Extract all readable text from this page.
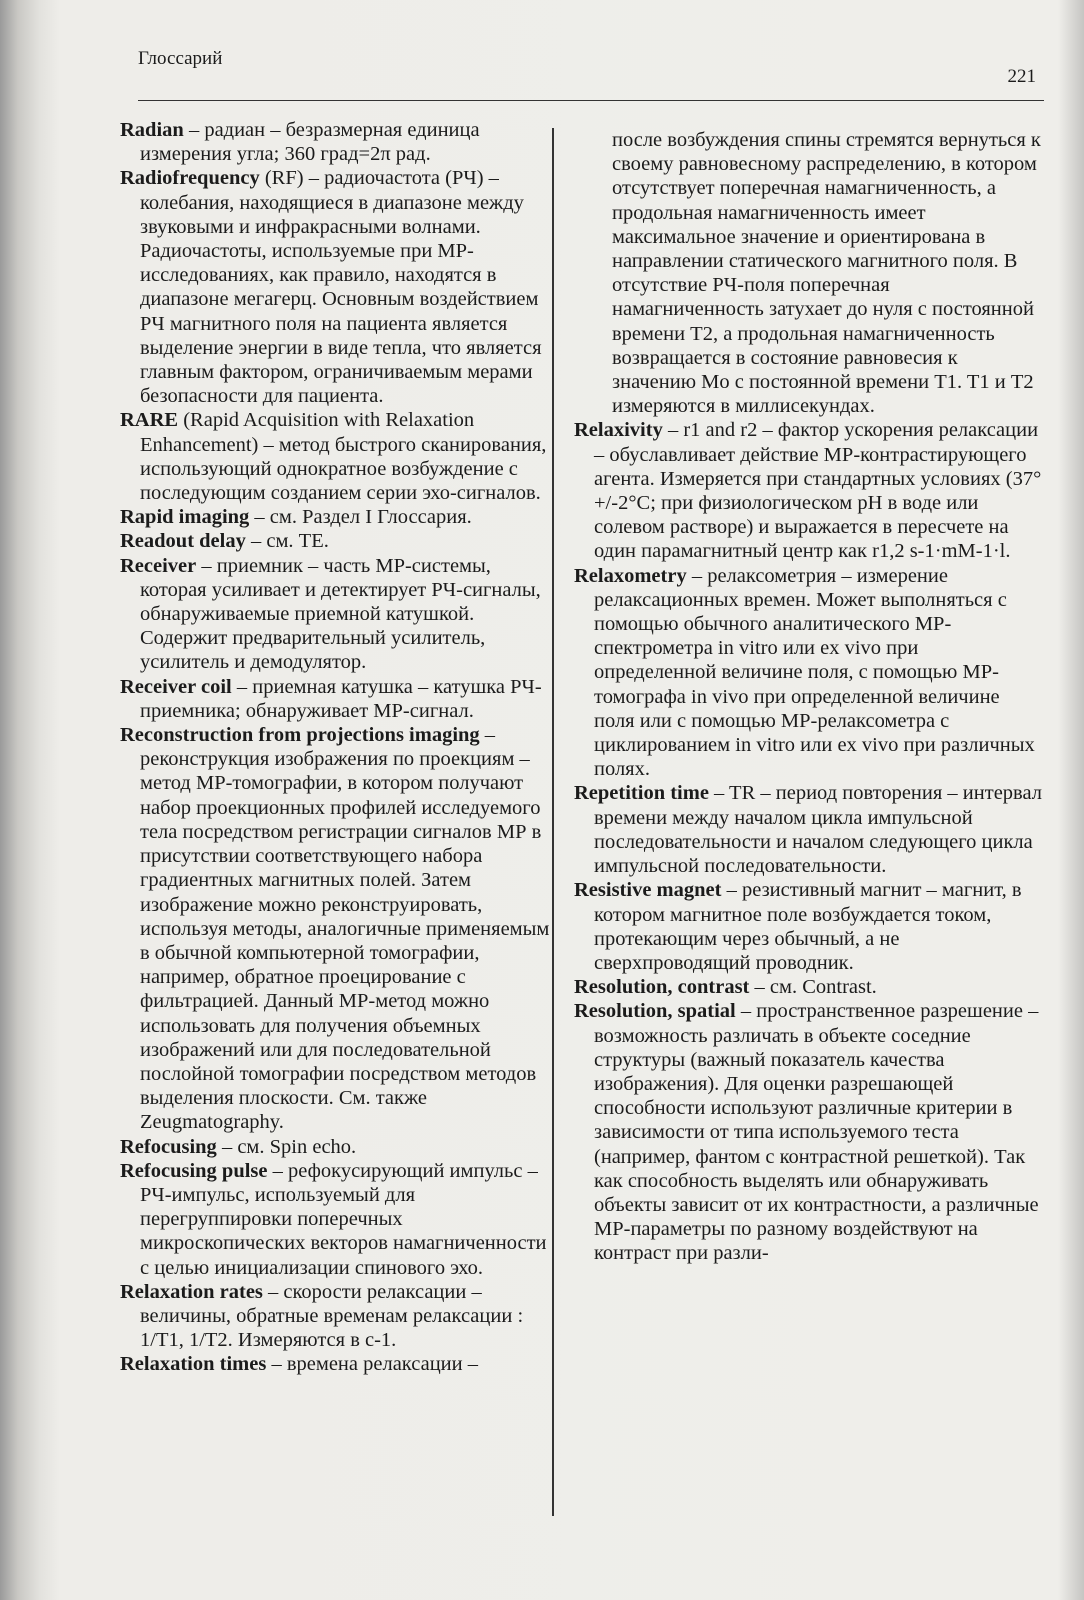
Глоссарий
221

Radian – радиан – безразмерная единица измерения угла; 360 град=2π рад.

Radiofrequency (RF) – радиочастота (РЧ) – колебания, находящиеся в диапазоне между звуковыми и инфракрасными волнами. Радиочастоты, используемые при МР-исследованиях, как правило, находятся в диапазоне мегагерц. Основным воздействием РЧ магнитного поля на пациента является выделение энергии в виде тепла, что является главным фактором, ограничиваемым мерами безопасности для пациента.

RARE (Rapid Acquisition with Relaxation Enhancement) – метод быстрого сканирования, использующий однократное возбуждение с последующим созданием серии эхо-сигналов.

Rapid imaging – см. Раздел I Глоссария.

Readout delay – см. TE.

Receiver – приемник – часть МР-системы, которая усиливает и детектирует РЧ-сигналы, обнаруживаемые приемной катушкой. Содержит предварительный усилитель, усилитель и демодулятор.

Receiver coil – приемная катушка – катушка РЧ-приемника; обнаруживает МР-сигнал.

Reconstruction from projections imaging – реконструкция изображения по проекциям – метод МР-томографии, в котором получают набор проекционных профилей исследуемого тела посредством регистрации сигналов МР в присутствии соответствующего набора градиентных магнитных полей. Затем изображение можно реконструировать, используя методы, аналогичные применяемым в обычной компьютерной томографии, например, обратное проецирование с фильтрацией. Данный МР-метод можно использовать для получения объемных изображений или для последовательной послойной томографии посредством методов выделения плоскости. См. также Zeugmatography.

Refocusing – см. Spin echo.

Refocusing pulse – рефокусирующий импульс – РЧ-импульс, используемый для перегруппировки поперечных микроскопических векторов намагниченности с целью инициализации спинового эхо.

Relaxation rates – скорости релаксации – величины, обратные временам релаксации : 1/T1, 1/T2. Измеряются в c-1.

Relaxation times – времена релаксации –

после возбуждения спины стремятся вернуться к своему равновесному распределению, в котором отсутствует поперечная намагниченность, а продольная намагниченность имеет максимальное значение и ориентирована в направлении статического магнитного поля. В отсутствие РЧ-поля поперечная намагниченность затухает до нуля с постоянной времени T2, а продольная намагниченность возвращается в состояние равновесия к значению Mo с постоянной времени T1. T1 и T2 измеряются в миллисекундах.

Relaxivity – r1 and r2 – фактор ускорения релаксации – обуславливает действие МР-контрастирующего агента. Измеряется при стандартных условиях (37°+/-2°C; при физиологическом pH в воде или солевом растворе) и выражается в пересчете на один парамагнитный центр как r1,2 s-1·mM-1·l.

Relaxometry – релаксометрия – измерение релаксационных времен. Может выполняться с помощью обычного аналитического МР-спектрометра in vitro или ex vivo при определенной величине поля, с помощью МР-томографа in vivo при определенной величине поля или с помощью МР-релаксометра с циклированием in vitro или ex vivo при различных полях.

Repetition time – TR – период повторения – интервал времени между началом цикла импульсной последовательности и началом следующего цикла импульсной последовательности.

Resistive magnet – резистивный магнит – магнит, в котором магнитное поле возбуждается током, протекающим через обычный, а не сверхпроводящий проводник.

Resolution, contrast – см. Contrast.

Resolution, spatial – пространственное разрешение – возможность различать в объекте соседние структуры (важный показатель качества изображения). Для оценки разрешающей способности используют различные критерии в зависимости от типа используемого теста (например, фантом с контрастной решеткой). Так как способность выделять или обнаруживать объекты зависит от их контрастности, а различные МР-параметры по разному воздействуют на контраст при разли-
